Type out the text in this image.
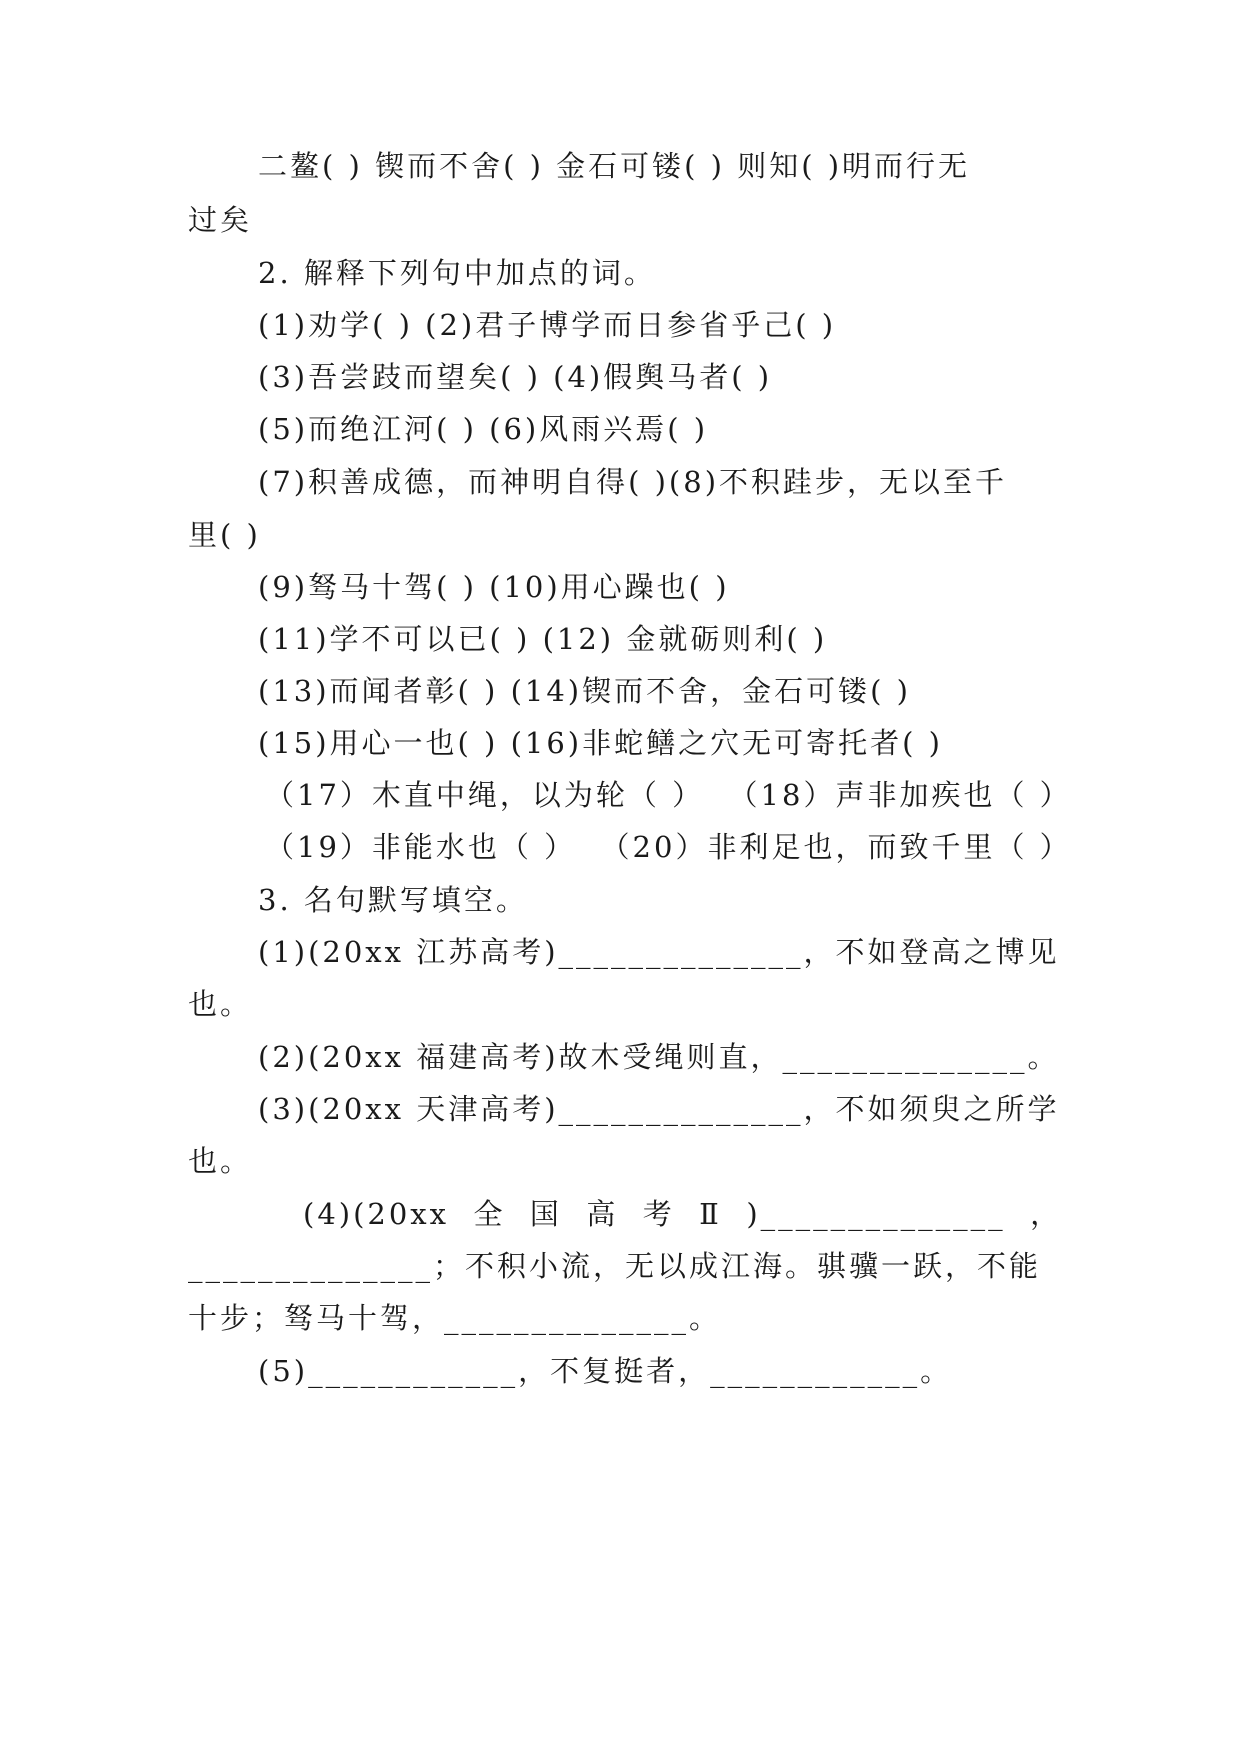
二鳌( ) 锲而不舍( ) 金石可镂( ) 则知( )明而行无
过矣
2. 解释下列句中加点的词。
(1)劝学( ) (2)君子博学而日参省乎己( )
(3)吾尝跂而望矣( ) (4)假舆马者( )
(5)而绝江河( ) (6)风雨兴焉( )
(7)积善成德，而神明自得( )(8)不积跬步，无以至千
里( )
(9)驽马十驾( ) (10)用心躁也( )
(11)学不可以已( ) (12) 金就砺则利( )
(13)而闻者彰( ) (14)锲而不舍，金石可镂( )
(15)用心一也( ) (16)非蛇鳝之穴无可寄托者( )
（17）木直中绳，以为轮（ ）  （18）声非加疾也（ ）
（19）非能水也（ ）  （20）非利足也，而致千里（ ）
3. 名句默写填空。
(1)(20xx 江苏高考)______________，不如登高之博见
也。
(2)(20xx 福建高考)故木受绳则直，______________。
(3)(20xx 天津高考)______________，不如须臾之所学
也。
(4)(20xx  全  国  高  考  Ⅱ  )______________  ，
______________；不积小流，无以成江海。骐骥一跃，不能
十步；驽马十驾，______________。
(5)____________，不复挺者，____________。
